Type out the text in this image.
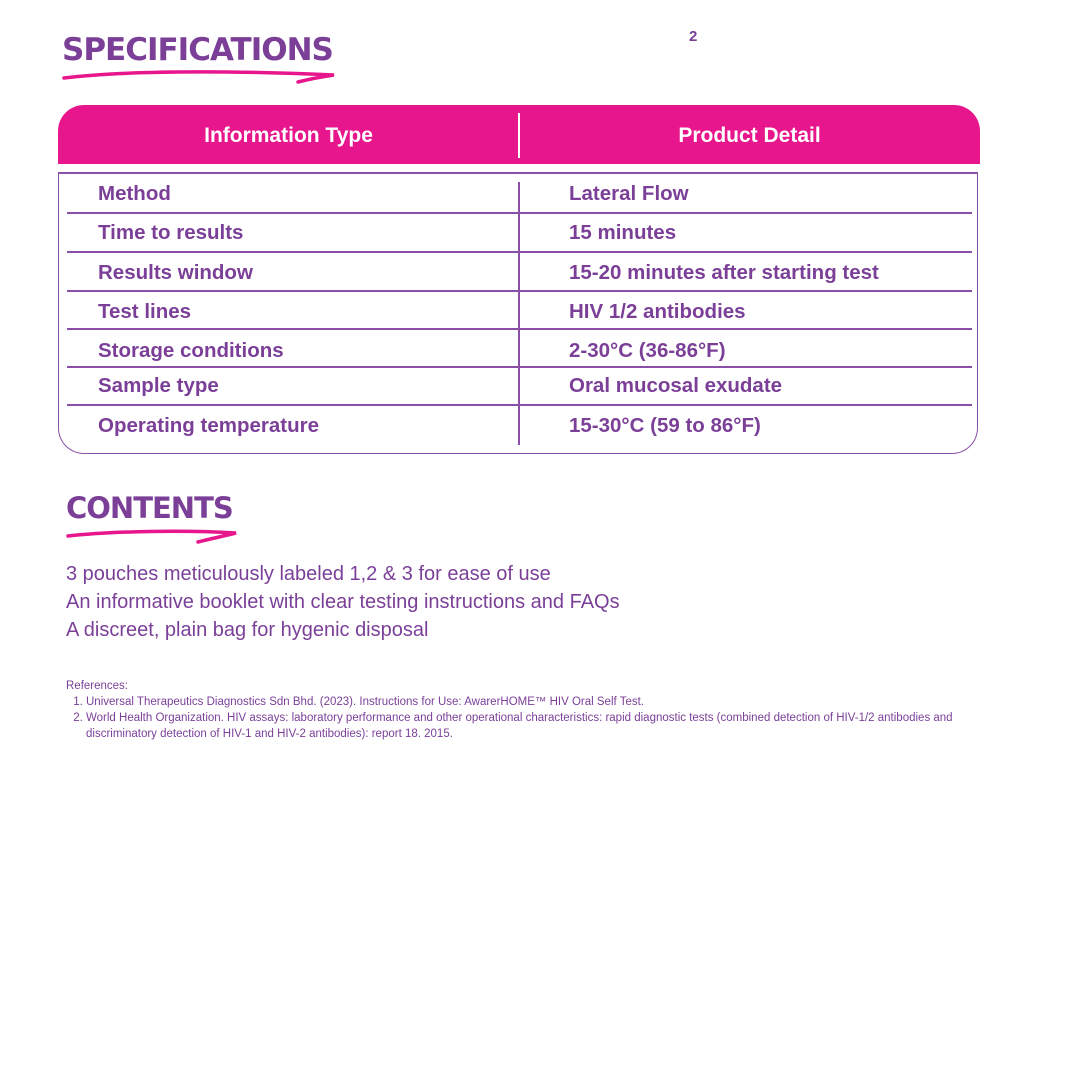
2
SPECIFICATIONS
Information Type	Product Detail
Method	Lateral Flow
Time to results	15 minutes
Results window	15-20 minutes after starting test
Test lines	HIV 1/2 antibodies
Storage conditions	2-30°C (36-86°F)
Sample type	Oral mucosal exudate
Operating temperature	15-30°C (59 to 86°F)
CONTENTS
3 pouches meticulously labeled 1,2 & 3 for ease of use
An informative booklet with clear testing instructions and FAQs
A discreet, plain bag for hygenic disposal

References:

1. Universal Therapeutics Diagnostics Sdn Bhd. (2023). Instructions for Use: AwarerHOME™ HIV Oral Self Test.
2. World Health Organization. HIV assays: laboratory performance and other operational characteristics: rapid diagnostic tests (combined detection of HIV-1/2 antibodies and discriminatory detection of HIV-1 and HIV-2 antibodies): report 18. 2015.
